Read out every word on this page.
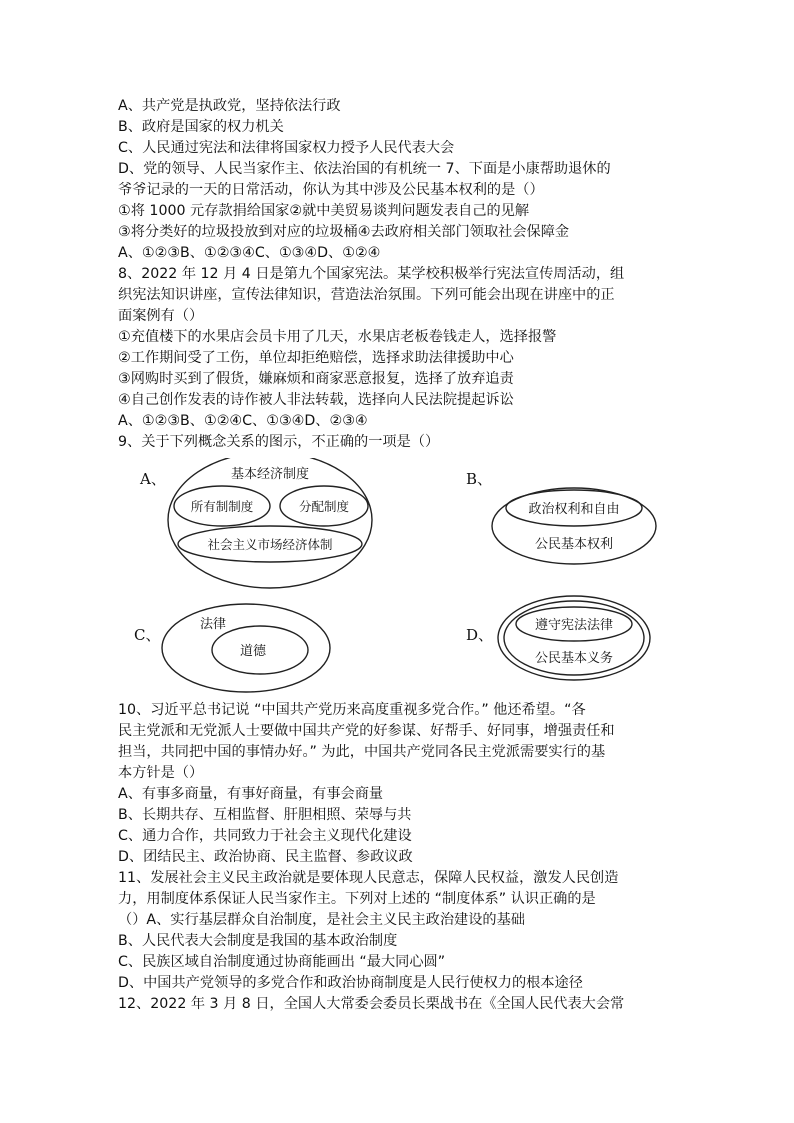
A、共产党是执政党，坚持依法行政
B、政府是国家的权力机关
C、人民通过宪法和法律将国家权力授予人民代表大会
D、党的领导、人民当家作主、依法治国的有机统一 7、下面是小康帮助退休的
爷爷记录的一天的日常活动，你认为其中涉及公民基本权利的是（）
①将 1000 元存款捐给国家②就中美贸易谈判问题发表自己的见解
③将分类好的垃圾投放到对应的垃圾桶④去政府相关部门领取社会保障金
A、①②③B、①②③④C、①③④D、①②④
8、2022 年 12 月 4 日是第九个国家宪法。某学校积极举行宪法宣传周活动，组
织宪法知识讲座，宣传法律知识，营造法治氛围。下列可能会出现在讲座中的正
面案例有（）
①充值楼下的水果店会员卡用了几天，水果店老板卷钱走人，选择报警
②工作期间受了工伤，单位却拒绝赔偿，选择求助法律援助中心
③网购时买到了假货，嫌麻烦和商家恶意报复，选择了放弃追责
④自己创作发表的诗作被人非法转载，选择向人民法院提起诉讼
A、①②③B、①②④C、①③④D、②③④
9、关于下列概念关系的图示，不正确的一项是（）
A、	基本经济制度
所有制制度	分配制度
社会主义市场经济体制
B、
政治权利和自由
公民基本权利
C、
法律
道德
D、
遵守宪法法律
公民基本义务
10、习近平总书记说 “中国共产党历来高度重视多党合作。” 他还希望。“各
民主党派和无党派人士要做中国共产党的好参谋、好帮手、好同事，增强责任和
担当，共同把中国的事情办好。” 为此，中国共产党同各民主党派需要实行的基
本方针是（）
A、有事多商量，有事好商量，有事会商量
B、长期共存、互相监督、肝胆相照、荣辱与共
C、通力合作，共同致力于社会主义现代化建设
D、团结民主、政治协商、民主监督、参政议政
11、发展社会主义民主政治就是要体现人民意志，保障人民权益，激发人民创造
力，用制度体系保证人民当家作主。下列对上述的 “制度体系” 认识正确的是
（）A、实行基层群众自治制度，是社会主义民主政治建设的基础
B、人民代表大会制度是我国的基本政治制度
C、民族区域自治制度通过协商能画出 “最大同心圆”
D、中国共产党领导的多党合作和政治协商制度是人民行使权力的根本途径
12、2022 年 3 月 8 日，全国人大常委会委员长栗战书在《全国人民代表大会常
